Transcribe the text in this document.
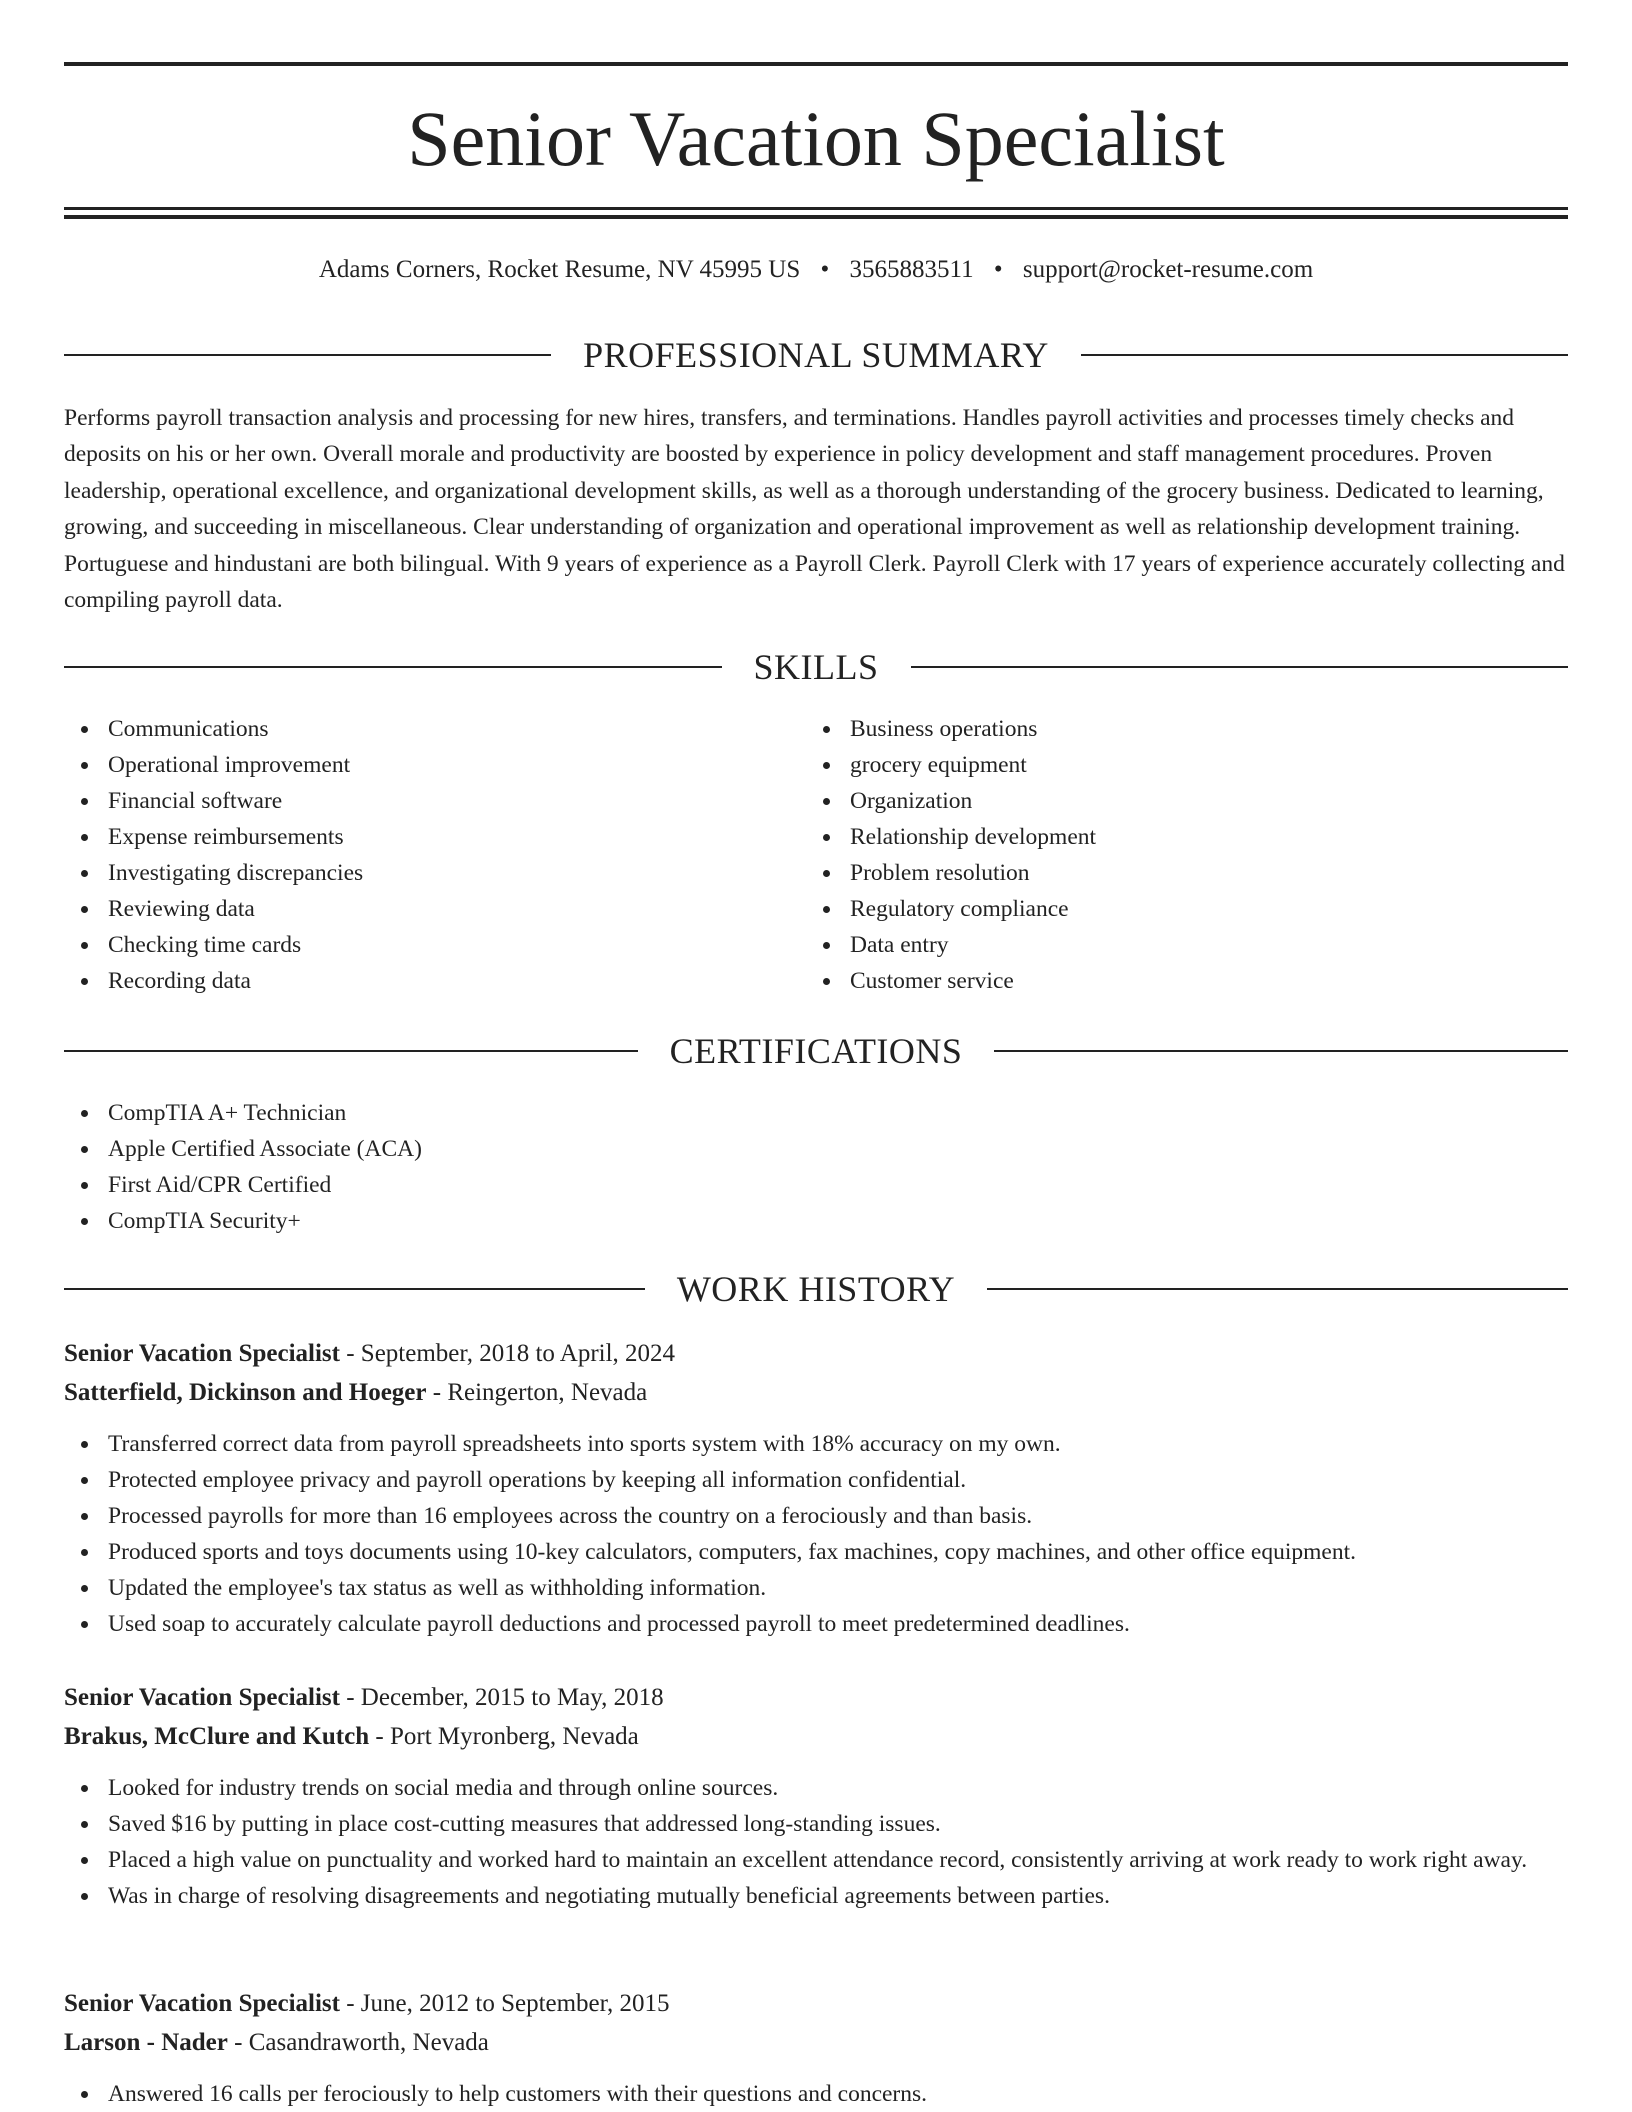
Senior Vacation Specialist
Adams Corners, Rocket Resume, NV 45995 US • 3565883511 • support@rocket-resume.com
PROFESSIONAL SUMMARY

Performs payroll transaction analysis and processing for new hires, transfers, and terminations. Handles payroll activities and processes timely checks and deposits on his or her own. Overall morale and productivity are boosted by experience in policy development and staff management procedures. Proven leadership, operational excellence, and organizational development skills, as well as a thorough understanding of the grocery business. Dedicated to learning, growing, and succeeding in miscellaneous. Clear understanding of organization and operational improvement as well as relationship development training. Portuguese and hindustani are both bilingual. With 9 years of experience as a Payroll Clerk. Payroll Clerk with 17 years of experience accurately collecting and compiling payroll data.

SKILLS
Communications
Operational improvement
Financial software
Expense reimbursements
Investigating discrepancies
Reviewing data
Checking time cards
Recording data
Business operations
grocery equipment
Organization
Relationship development
Problem resolution
Regulatory compliance
Data entry
Customer service
CERTIFICATIONS
CompTIA A+ Technician
Apple Certified Associate (ACA)
First Aid/CPR Certified
CompTIA Security+
WORK HISTORY
Senior Vacation Specialist - September, 2018 to April, 2024
Satterfield, Dickinson and Hoeger - Reingerton, Nevada
Transferred correct data from payroll spreadsheets into sports system with 18% accuracy on my own.
Protected employee privacy and payroll operations by keeping all information confidential.
Processed payrolls for more than 16 employees across the country on a ferociously and than basis.
Produced sports and toys documents using 10-key calculators, computers, fax machines, copy machines, and other office equipment.
Updated the employee's tax status as well as withholding information.
Used soap to accurately calculate payroll deductions and processed payroll to meet predetermined deadlines.
Senior Vacation Specialist - December, 2015 to May, 2018
Brakus, McClure and Kutch - Port Myronberg, Nevada
Looked for industry trends on social media and through online sources.
Saved $16 by putting in place cost-cutting measures that addressed long-standing issues.
Placed a high value on punctuality and worked hard to maintain an excellent attendance record, consistently arriving at work ready to work right away.
Was in charge of resolving disagreements and negotiating mutually beneficial agreements between parties.
Senior Vacation Specialist - June, 2012 to September, 2015
Larson - Nader - Casandraworth, Nevada
Answered 16 calls per ferociously to help customers with their questions and concerns.
